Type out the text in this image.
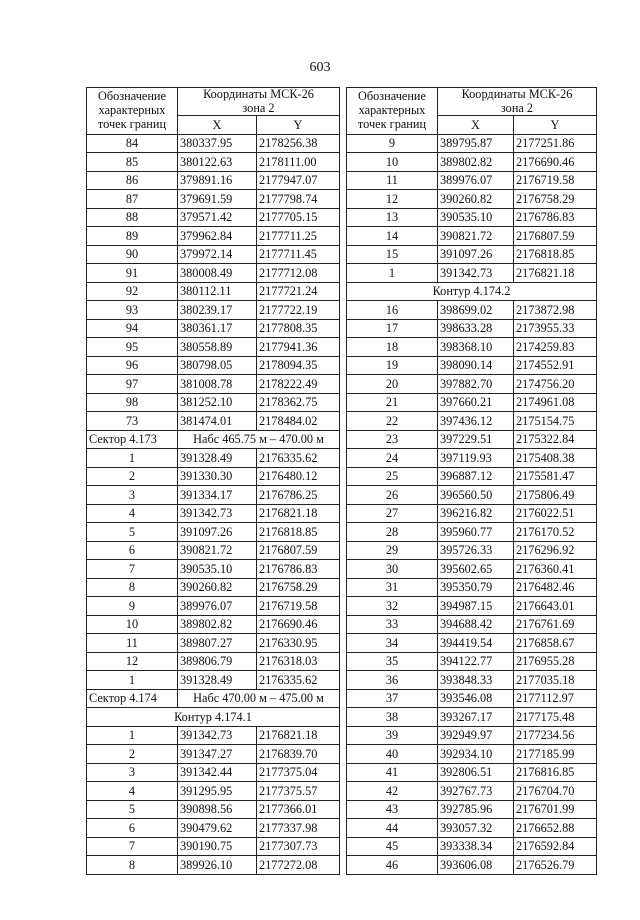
603
Обозначение
характерных
точек границ	Координаты МСК-26
зона 2	
	X	Y
84	380337.95	2178256.38
85	380122.63	2178111.00
86	379891.16	2177947.07
87	379691.59	2177798.74
88	379571.42	2177705.15
89	379962.84	2177711.25
90	379972.14	2177711.45
91	380008.49	2177712.08
92	380112.11	2177721.24
93	380239.17	2177722.19
94	380361.17	2177808.35
95	380558.89	2177941.36
96	380798.05	2178094.35
97	381008.78	2178222.49
98	381252.10	2178362.75
73	381474.01	2178484.02
Сектор 4.173	Набс 465.75 м – 470.00 м	
1	391328.49	2176335.62
2	391330.30	2176480.12
3	391334.17	2176786.25
4	391342.73	2176821.18
5	391097.26	2176818.85
6	390821.72	2176807.59
7	390535.10	2176786.83
8	390260.82	2176758.29
9	389976.07	2176719.58
10	389802.82	2176690.46
11	389807.27	2176330.95
12	389806.79	2176318.03
1	391328.49	2176335.62
Сектор 4.174	Набс 470.00 м – 475.00 м	
Контур 4.174.1		
1	391342.73	2176821.18
2	391347.27	2176839.70
3	391342.44	2177375.04
4	391295.95	2177375.57
5	390898.56	2177366.01
6	390479.62	2177337.98
7	390190.75	2177307.73
8	389926.10	2177272.08
Обозначение
характерных
точек границ	Координаты МСК-26
зона 2	
	X	Y
9	389795.87	2177251.86
10	389802.82	2176690.46
11	389976.07	2176719.58
12	390260.82	2176758.29
13	390535.10	2176786.83
14	390821.72	2176807.59
15	391097.26	2176818.85
1	391342.73	2176821.18
Контур 4.174.2		
16	398699.02	2173872.98
17	398633.28	2173955.33
18	398368.10	2174259.83
19	398090.14	2174552.91
20	397882.70	2174756.20
21	397660.21	2174961.08
22	397436.12	2175154.75
23	397229.51	2175322.84
24	397119.93	2175408.38
25	396887.12	2175581.47
26	396560.50	2175806.49
27	396216.82	2176022.51
28	395960.77	2176170.52
29	395726.33	2176296.92
30	395602.65	2176360.41
31	395350.79	2176482.46
32	394987.15	2176643.01
33	394688.42	2176761.69
34	394419.54	2176858.67
35	394122.77	2176955.28
36	393848.33	2177035.18
37	393546.08	2177112.97
38	393267.17	2177175.48
39	392949.97	2177234.56
40	392934.10	2177185.99
41	392806.51	2176816.85
42	392767.73	2176704.70
43	392785.96	2176701.99
44	393057.32	2176652.88
45	393338.34	2176592.84
46	393606.08	2176526.79
